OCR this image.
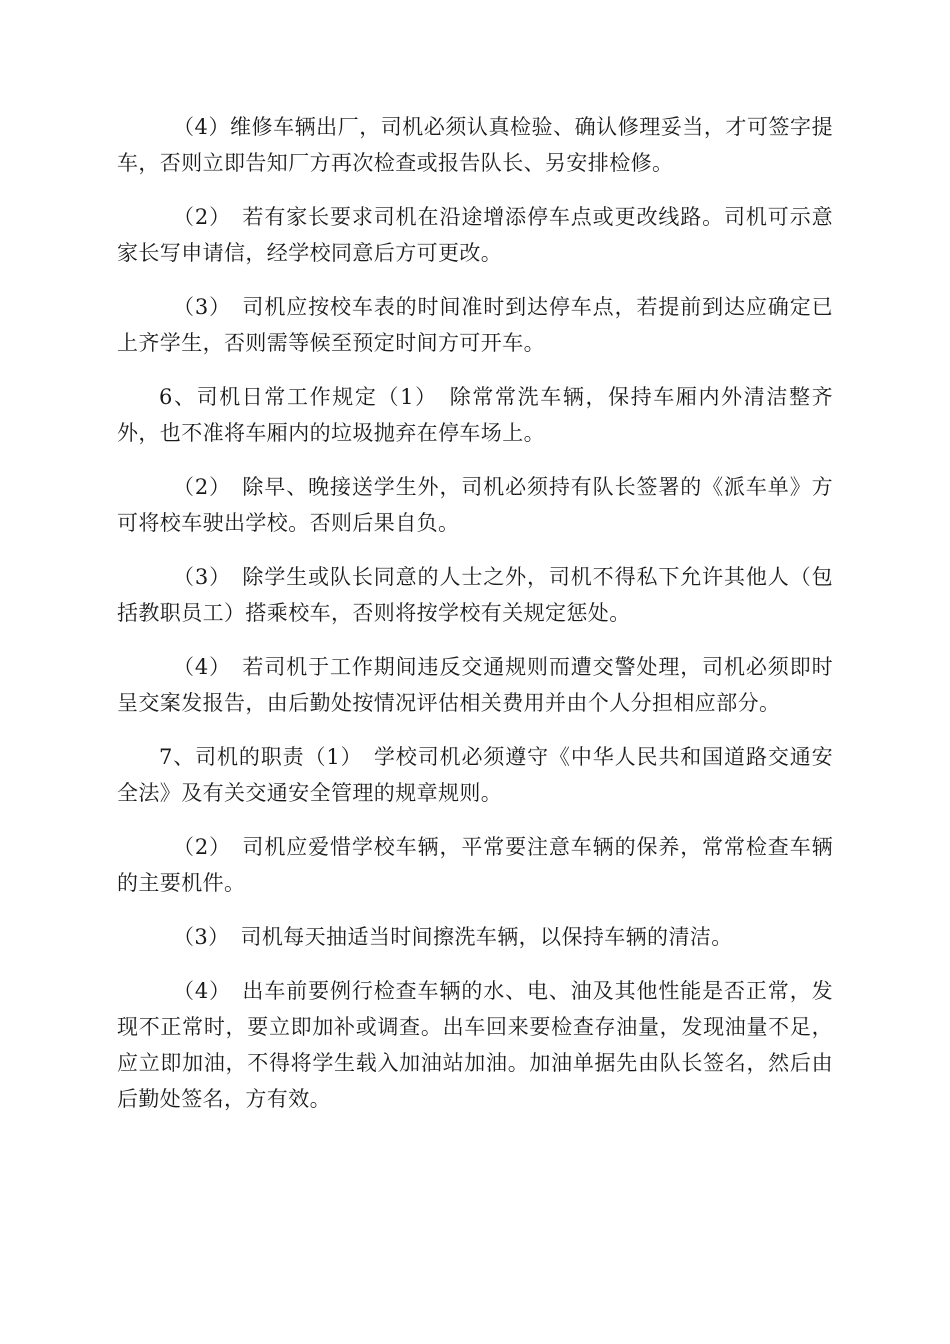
（4）维修车辆出厂，司机必须认真检验、确认修理妥当，才可签字提车，否则立即告知厂方再次检查或报告队长、另安排检修。

（2）　若有家长要求司机在沿途增添停车点或更改线路。司机可示意家长写申请信，经学校同意后方可更改。

（3）　司机应按校车表的时间准时到达停车点，若提前到达应确定已上齐学生，否则需等候至预定时间方可开车。

6、司机日常工作规定（1）　除常常洗车辆，保持车厢内外清洁整齐外，也不准将车厢内的垃圾抛弃在停车场上。

（2）　除早、晚接送学生外，司机必须持有队长签署的《派车单》方可将校车驶出学校。否则后果自负。

（3）　除学生或队长同意的人士之外，司机不得私下允许其他人（包括教职员工）搭乘校车，否则将按学校有关规定惩处。

（4）　若司机于工作期间违反交通规则而遭交警处理，司机必须即时呈交案发报告，由后勤处按情况评估相关费用并由个人分担相应部分。

7、司机的职责（1）　学校司机必须遵守《中华人民共和国道路交通安全法》及有关交通安全管理的规章规则。

（2）　司机应爱惜学校车辆，平常要注意车辆的保养，常常检查车辆的主要机件。

（3）　司机每天抽适当时间擦洗车辆，以保持车辆的清洁。

（4）　出车前要例行检查车辆的水、电、油及其他性能是否正常，发现不正常时，要立即加补或调查。出车回来要检查存油量，发现油量不足，应立即加油，不得将学生载入加油站加油。加油单据先由队长签名，然后由后勤处签名，方有效。
